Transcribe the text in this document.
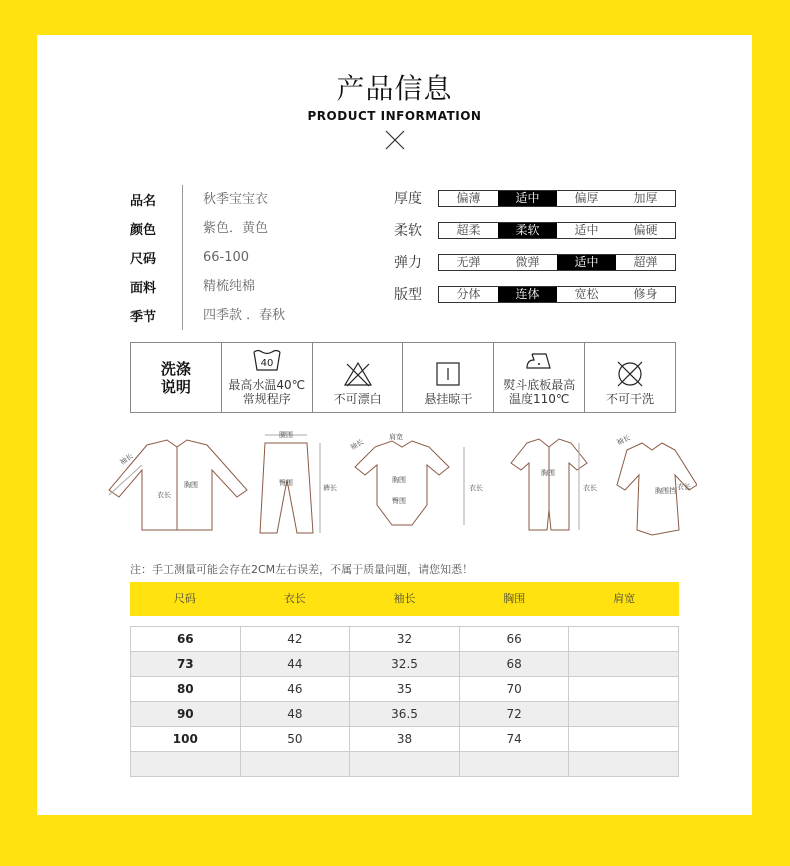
产品信息
PRODUCT INFORMATION
品名	秋季宝宝衣
颜色	紫色．黄色
尺码	66-100
面料	精梳纯棉
季节	四季款 ．春秋
厚度	偏薄	适中	偏厚	加厚
柔软	超柔	柔软	适中	偏硬
弹力	无弹	微弹	适中	超弹
版型	分体	连体	宽松	修身
洗涤说明
40
最高水温40℃
常规程序	不可漂白	悬挂晾干
熨斗底板最高
温度110℃	不可干洗
袖长
胸围
衣长
腰围
臀围
裤长
肩宽
袖长
胸围
臀围
衣长
胸围
衣长
袖长
胸围挡 衣长
注：手工测量可能会存在2CM左右误差，不属于质量问题，请您知悉！
尺码	衣长	袖长	胸围	肩宽
66	42	32	66	
73	44	32.5	68	
80	46	35	70	
90	48	36.5	72	
100	50	38	74	
